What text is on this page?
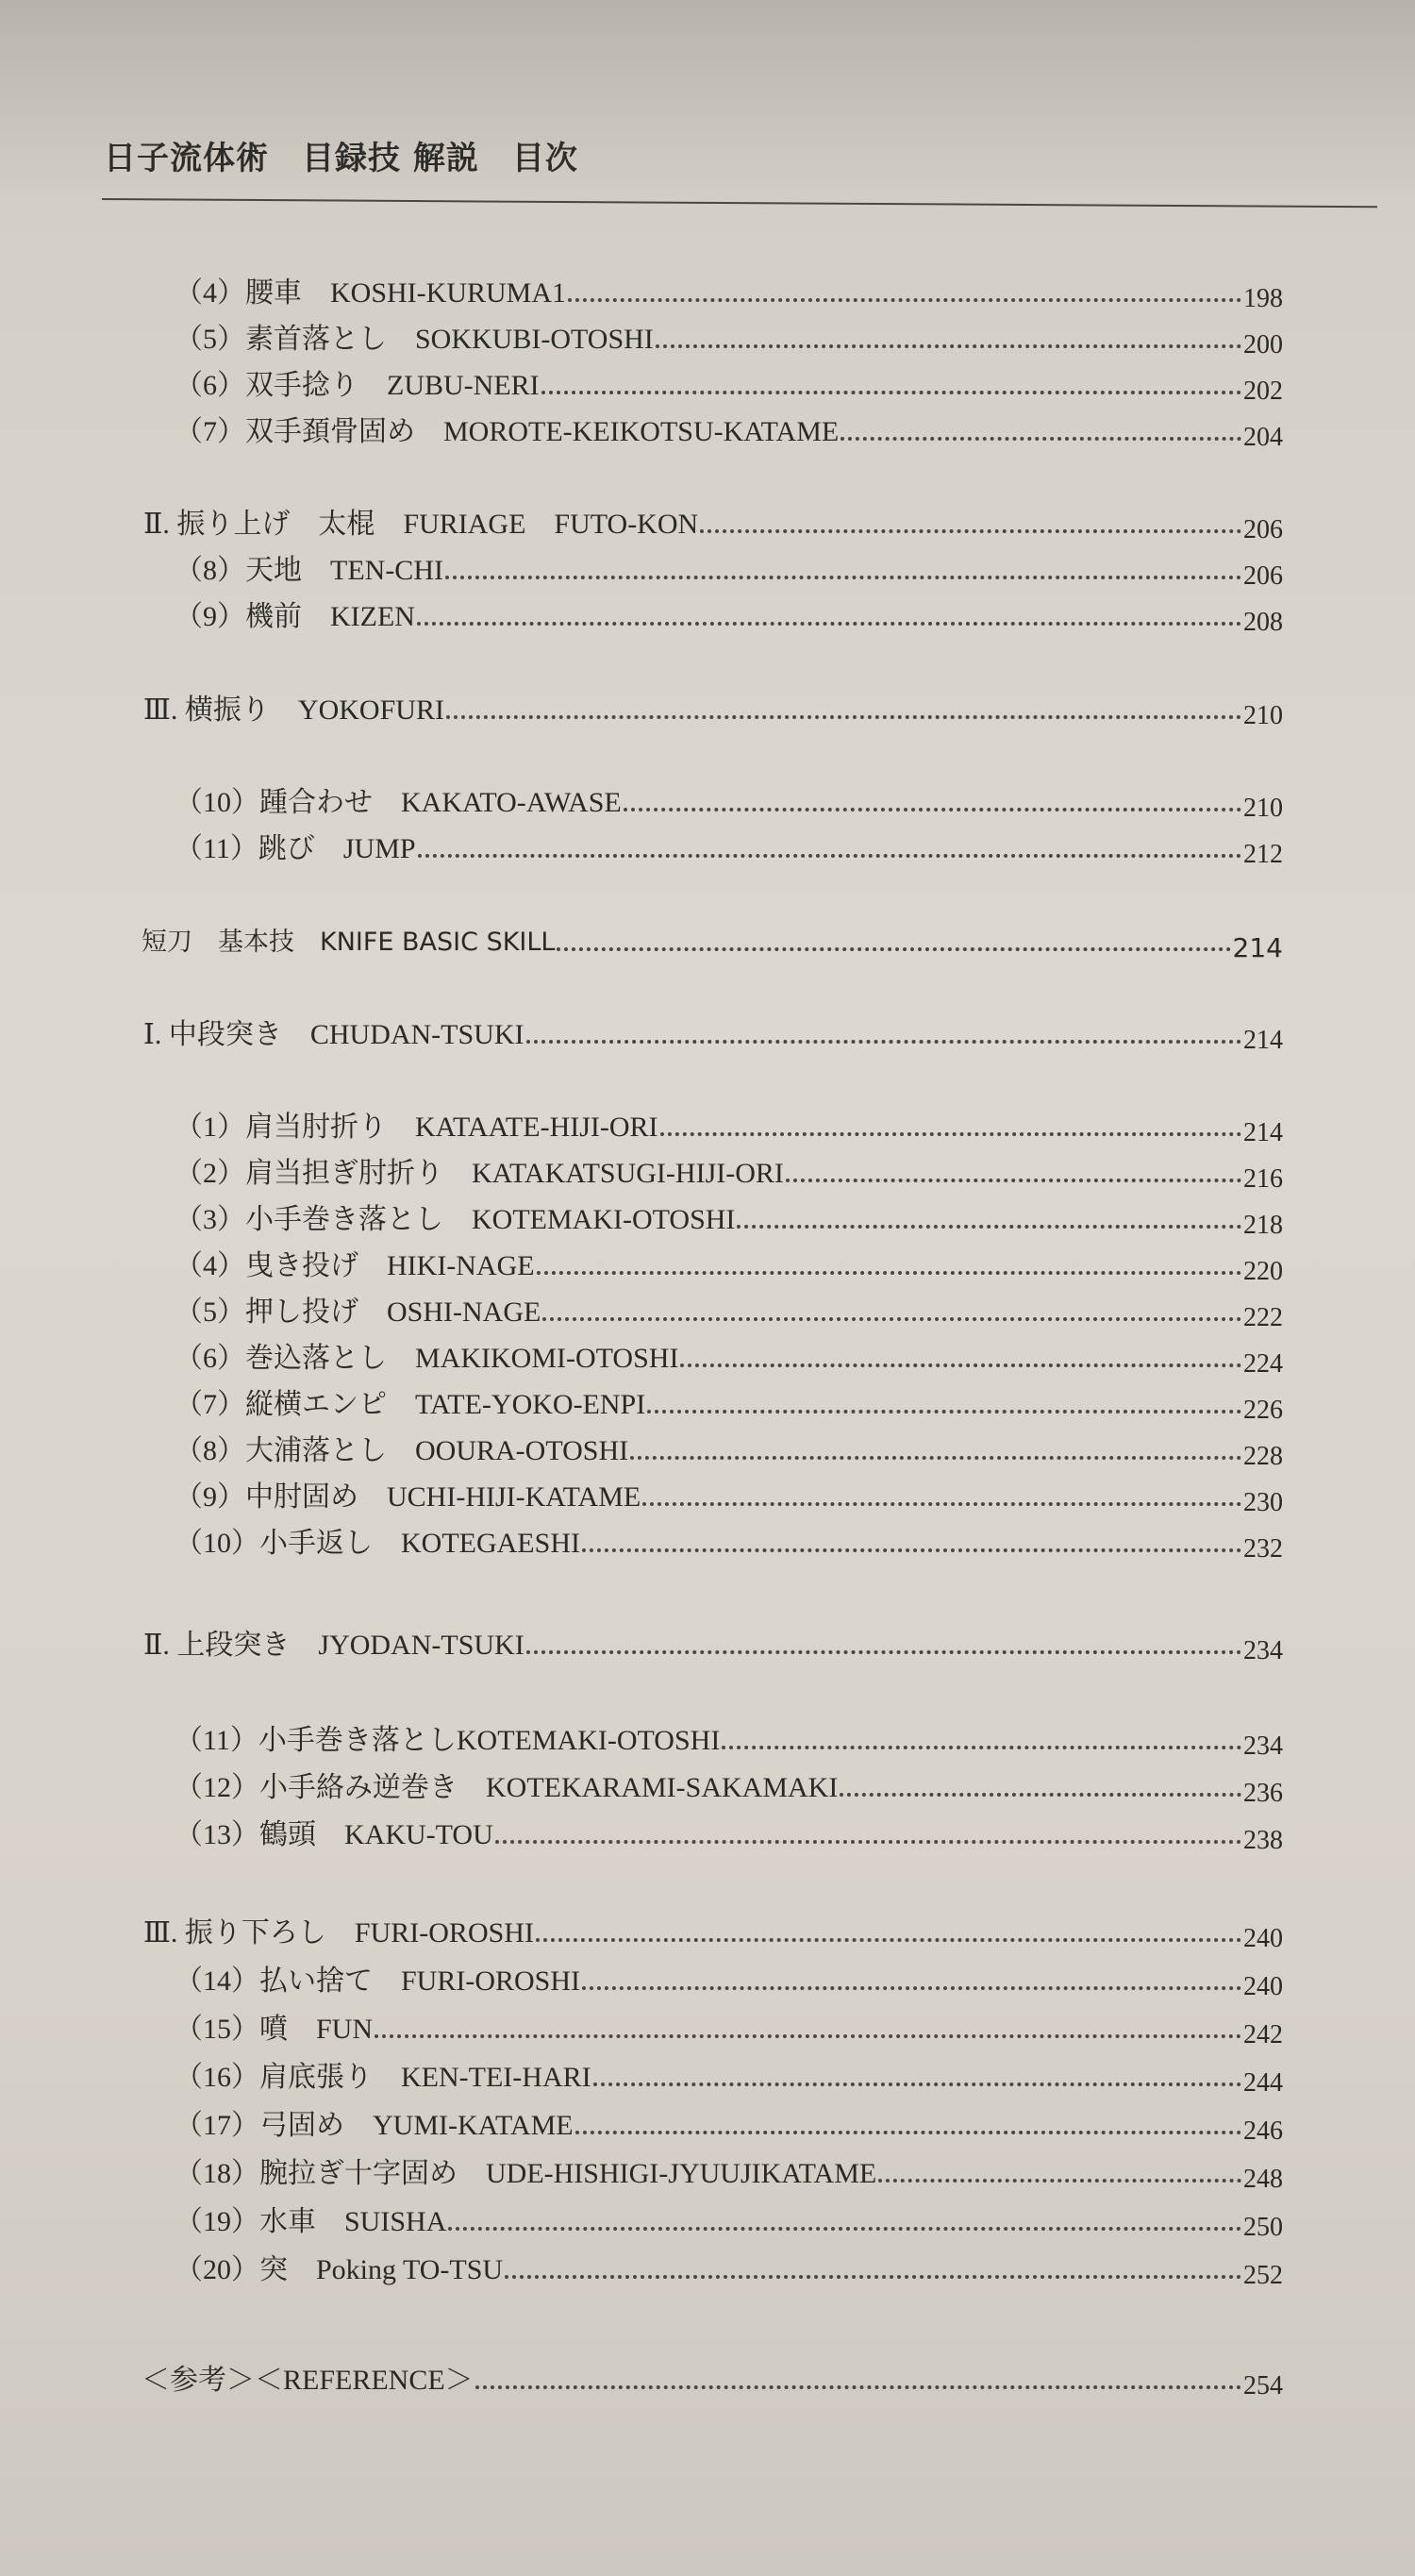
日子流体術　目録技 解説　目次
（4）腰車　KOSHI-KURUMA1	198
（5）素首落とし　SOKKUBI-OTOSHI	200
（6）双手捻り　ZUBU-NERI	202
（7）双手頚骨固め　MOROTE-KEIKOTSU-KATAME	204
Ⅱ. 振り上げ　太棍　FURIAGE　FUTO-KON	206
（8）天地　TEN-CHI	206
（9）機前　KIZEN	208
Ⅲ. 横振り　YOKOFURI	210
（10）踵合わせ　KAKATO-AWASE	210
（11）跳び　JUMP	212
短刀　基本技　KNIFE BASIC SKILL	214
Ⅰ. 中段突き　CHUDAN-TSUKI	214
（1）肩当肘折り　KATAATE-HIJI-ORI	214
（2）肩当担ぎ肘折り　KATAKATSUGI-HIJI-ORI	216
（3）小手巻き落とし　KOTEMAKI-OTOSHI	218
（4）曳き投げ　HIKI-NAGE	220
（5）押し投げ　OSHI-NAGE	222
（6）巻込落とし　MAKIKOMI-OTOSHI	224
（7）縦横エンピ　TATE-YOKO-ENPI	226
（8）大浦落とし　OOURA-OTOSHI	228
（9）中肘固め　UCHI-HIJI-KATAME	230
（10）小手返し　KOTEGAESHI	232
Ⅱ. 上段突き　JYODAN-TSUKI	234
（11）小手巻き落としKOTEMAKI-OTOSHI	234
（12）小手絡み逆巻き　KOTEKARAMI-SAKAMAKI	236
（13）鶴頭　KAKU-TOU	238
Ⅲ. 振り下ろし　FURI-OROSHI	240
（14）払い捨て　FURI-OROSHI	240
（15）噴　FUN	242
（16）肩底張り　KEN-TEI-HARI	244
（17）弓固め　YUMI-KATAME	246
（18）腕拉ぎ十字固め　UDE-HISHIGI-JYUUJIKATAME	248
（19）水車　SUISHA	250
（20）突　Poking TO-TSU	252
＜参考＞＜REFERENCE＞	254
